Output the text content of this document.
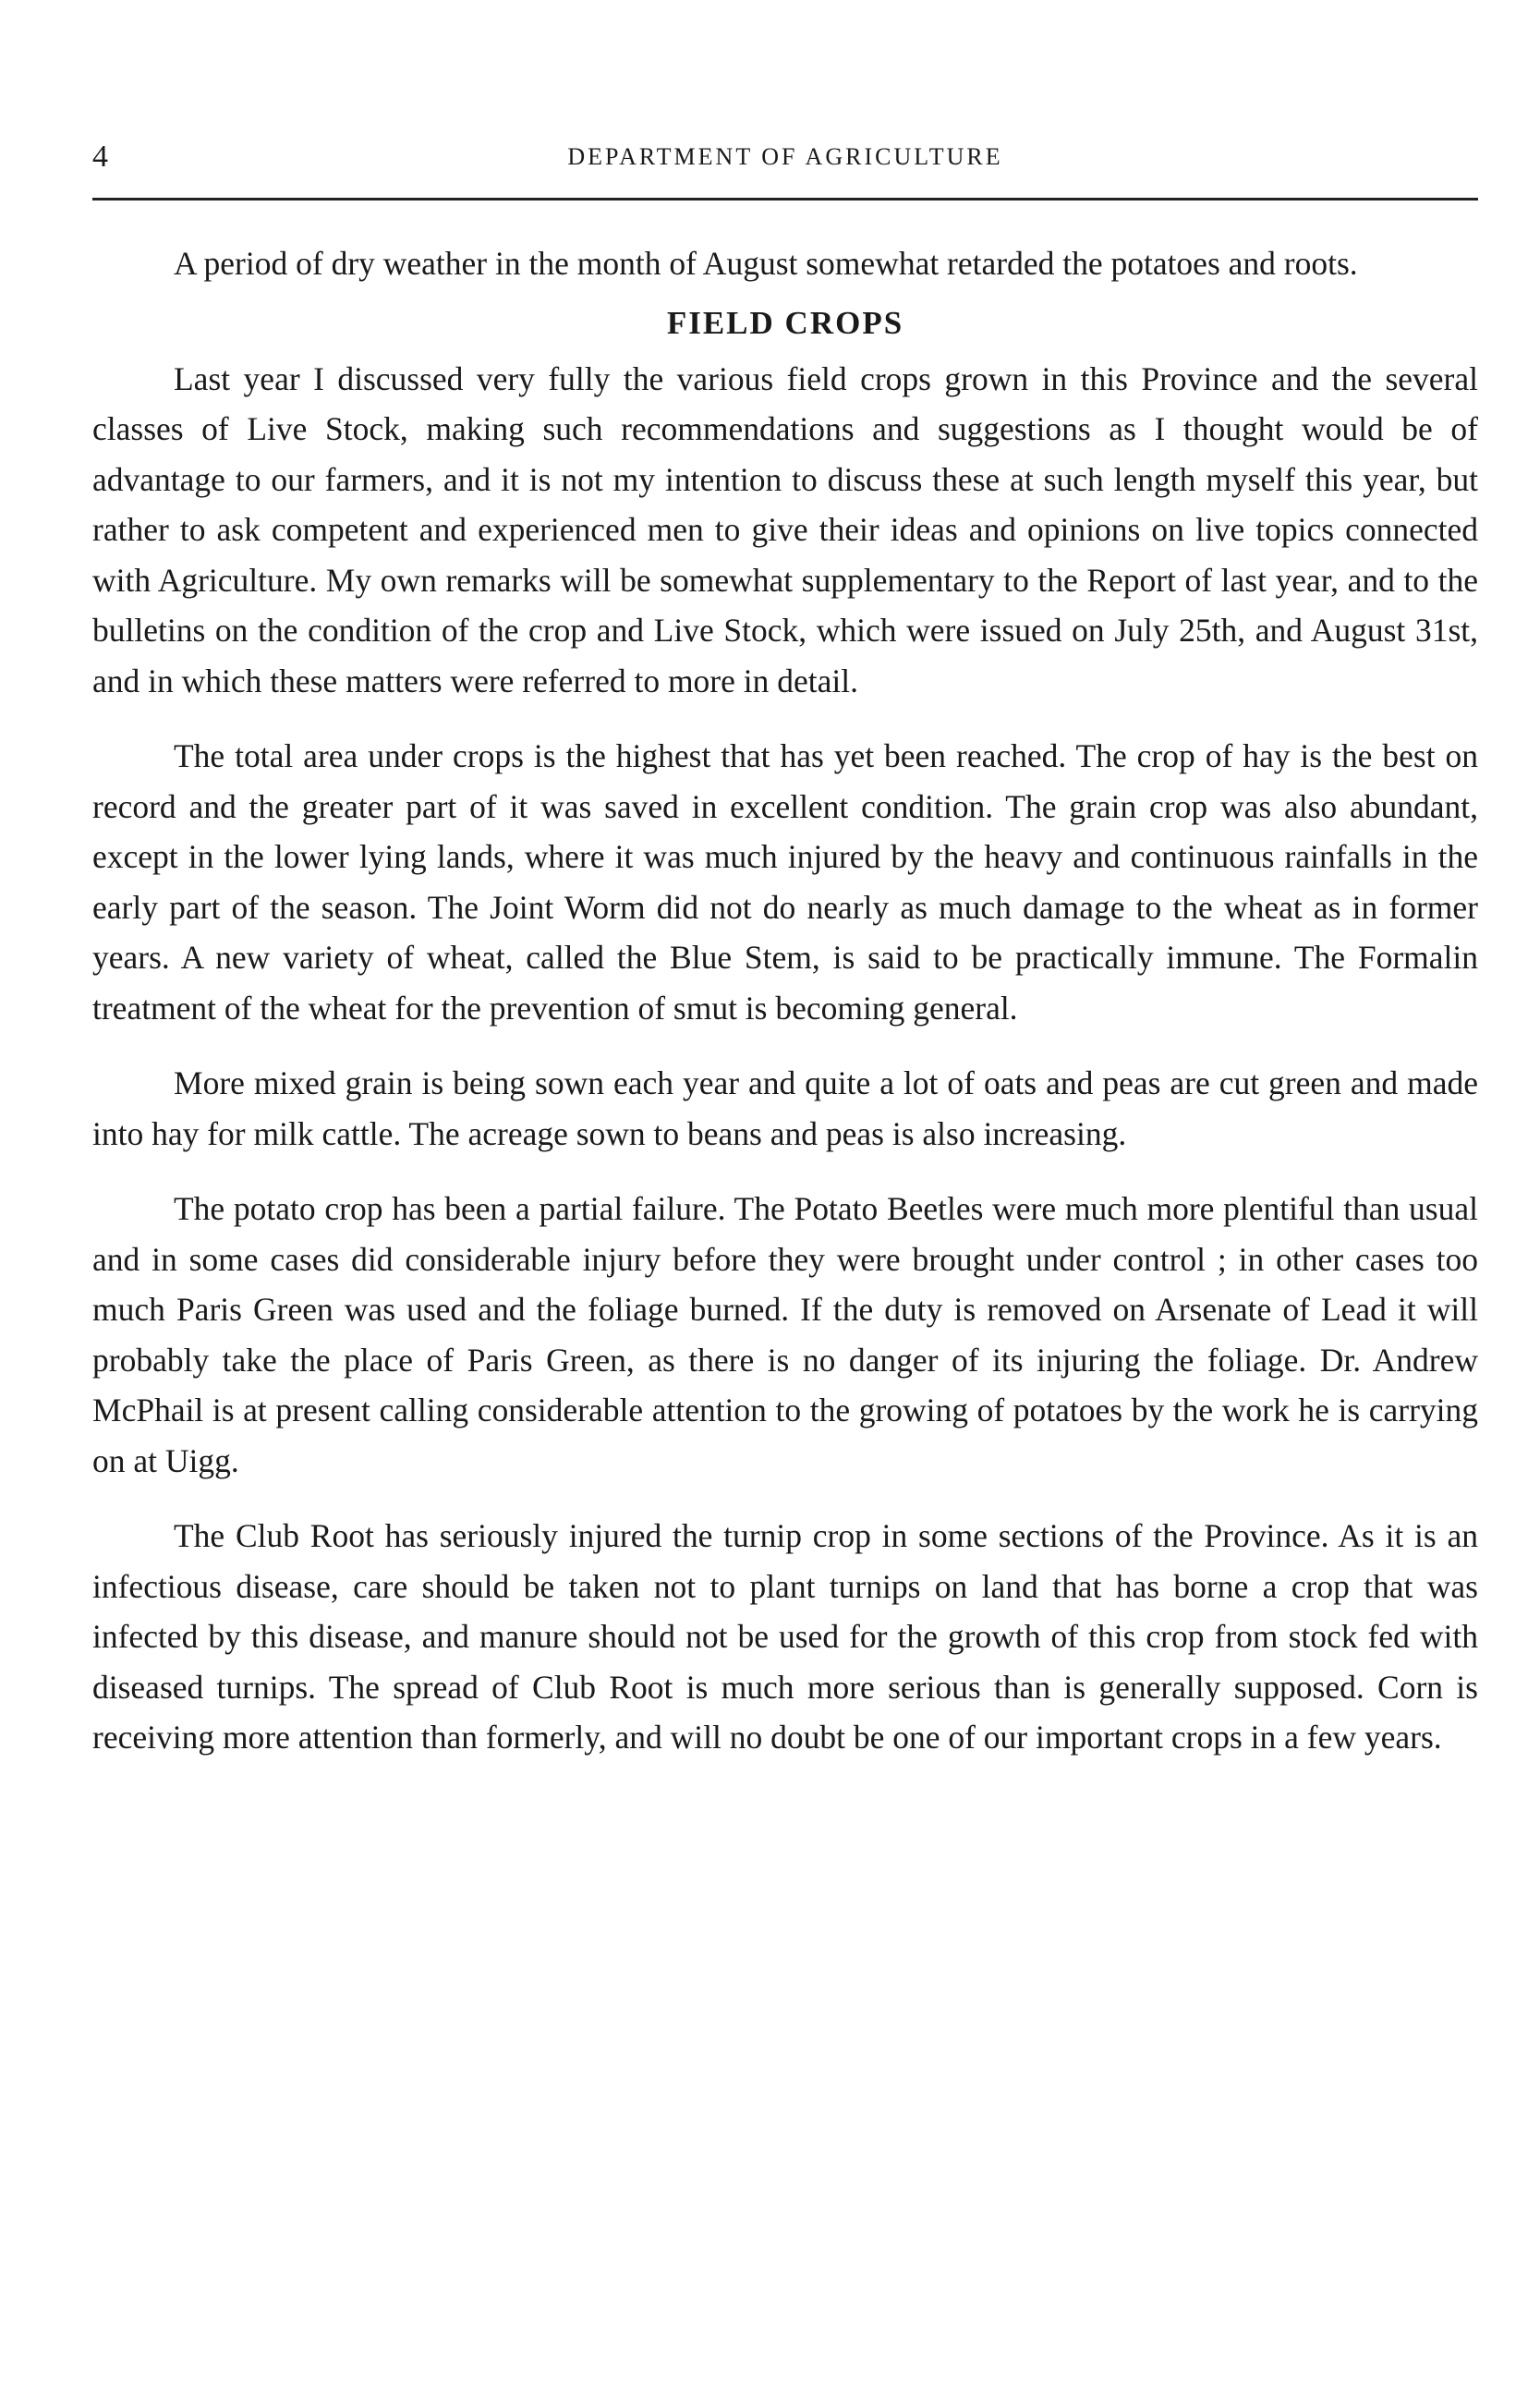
4	DEPARTMENT OF AGRICULTURE

A period of dry weather in the month of August somewhat retarded the potatoes and roots.

FIELD CROPS

Last year I discussed very fully the various field crops grown in this Province and the several classes of Live Stock, making such recommendations and suggestions as I thought would be of advantage to our farmers, and it is not my intention to discuss these at such length myself this year, but rather to ask competent and experienced men to give their ideas and opinions on live topics connected with Agriculture. My own remarks will be somewhat supplementary to the Report of last year, and to the bulletins on the condition of the crop and Live Stock, which were issued on July 25th, and August 31st, and in which these matters were referred to more in detail.

The total area under crops is the highest that has yet been reached. The crop of hay is the best on record and the greater part of it was saved in excellent condition. The grain crop was also abundant, except in the lower lying lands, where it was much injured by the heavy and continuous rainfalls in the early part of the season. The Joint Worm did not do nearly as much damage to the wheat as in former years. A new variety of wheat, called the Blue Stem, is said to be practically immune. The Formalin treatment of the wheat for the prevention of smut is becoming general.

More mixed grain is being sown each year and quite a lot of oats and peas are cut green and made into hay for milk cattle. The acreage sown to beans and peas is also increasing.

The potato crop has been a partial failure. The Potato Beetles were much more plentiful than usual and in some cases did considerable injury before they were brought under control ; in other cases too much Paris Green was used and the foliage burned. If the duty is removed on Arsenate of Lead it will probably take the place of Paris Green, as there is no danger of its injuring the foliage. Dr. Andrew McPhail is at present calling considerable attention to the growing of potatoes by the work he is carrying on at Uigg.

The Club Root has seriously injured the turnip crop in some sections of the Province. As it is an infectious disease, care should be taken not to plant turnips on land that has borne a crop that was infected by this disease, and manure should not be used for the growth of this crop from stock fed with diseased turnips. The spread of Club Root is much more serious than is generally supposed. Corn is receiving more attention than formerly, and will no doubt be one of our important crops in a few years.
